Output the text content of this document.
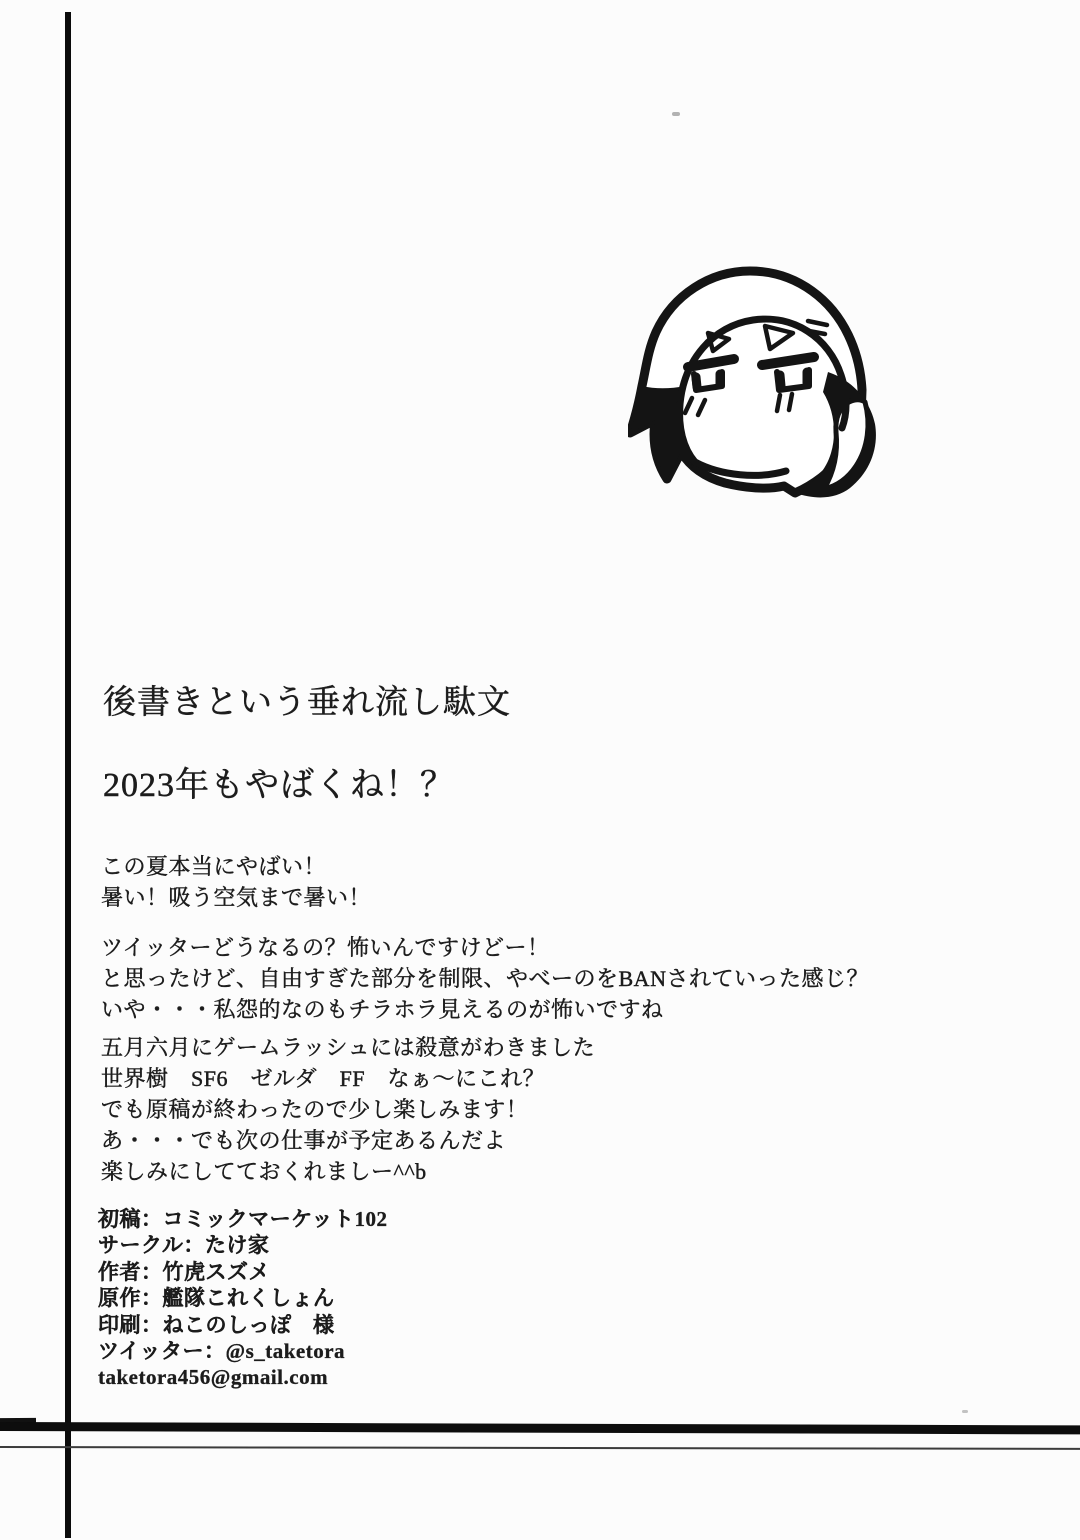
後書きという垂れ流し駄文
2023年もやばくね！？
この夏本当にやばい！
暑い！吸う空気まで暑い！
ツイッターどうなるの？怖いんですけどー！
と思ったけど、自由すぎた部分を制限、やべーのをBANされていった感じ？
いや・・・私怨的なのもチラホラ見えるのが怖いですね
五月六月にゲームラッシュには殺意がわきました
世界樹　SF6　ゼルダ　FF　なぁ〜にこれ？
でも原稿が終わったので少し楽しみます！
あ・・・でも次の仕事が予定あるんだよ
楽しみにしてておくれましー^^b
初稿：コミックマーケット102
サークル：たけ家
作者：竹虎スズメ
原作：艦隊これくしょん
印刷：ねこのしっぽ　様
ツイッター：@s_taketora
taketora456@gmail.com
